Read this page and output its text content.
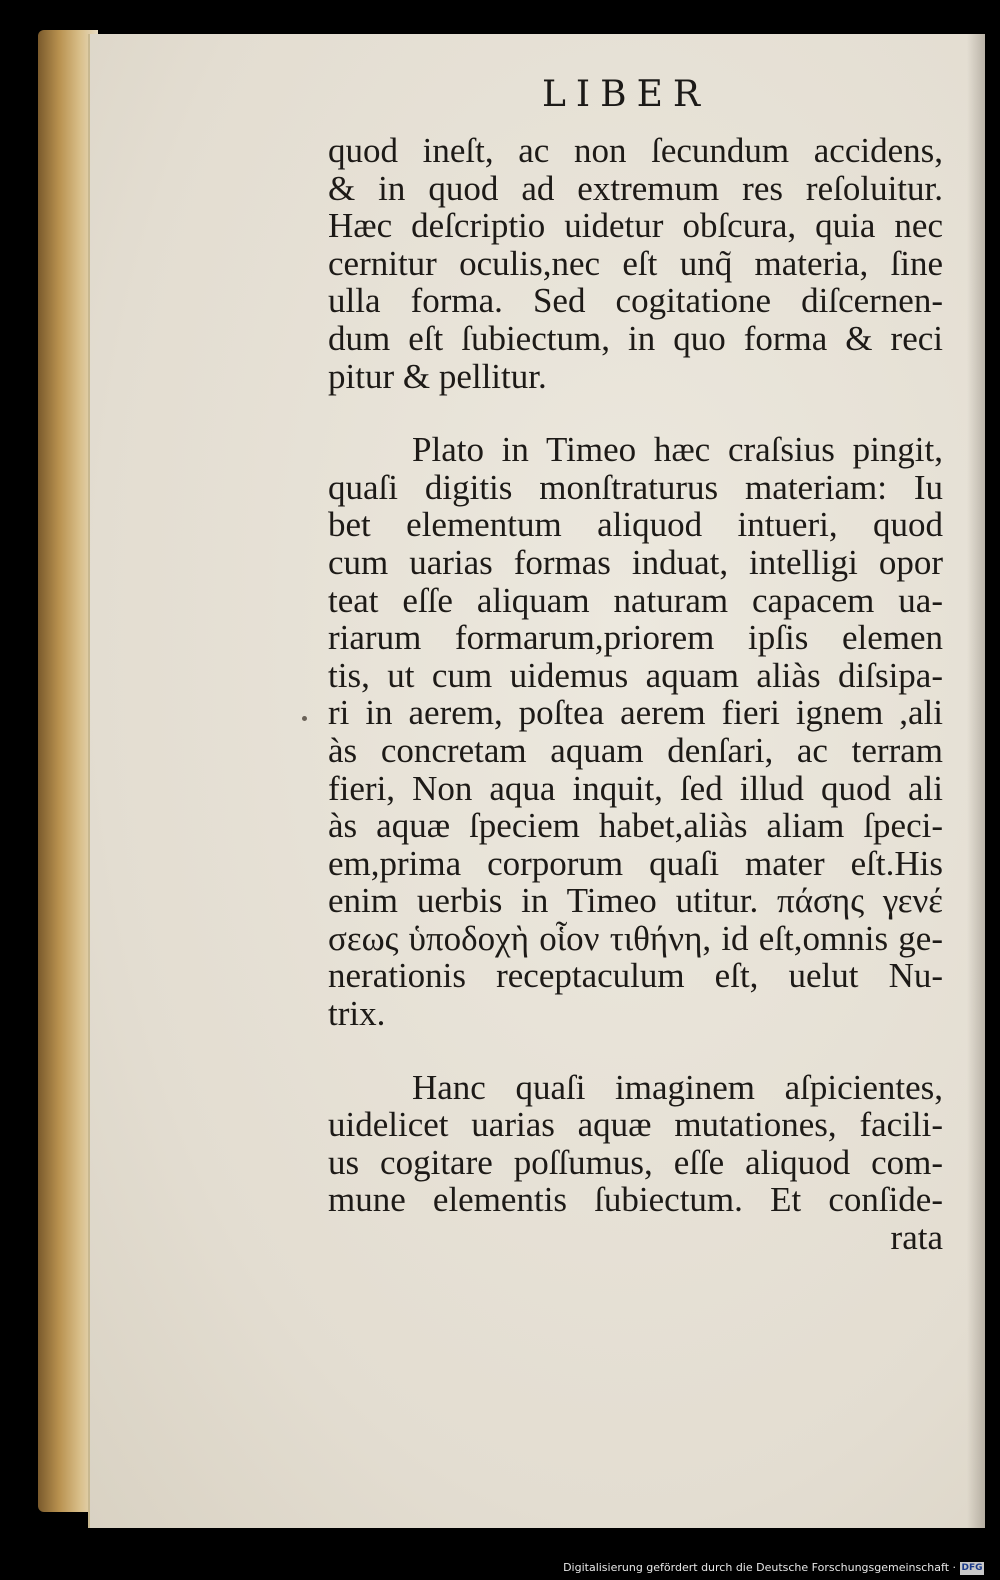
LIBER
quod ineſt, ac non ſecundum accidens,
& in quod ad extremum res reſoluitur.
Hæc deſcriptio uidetur obſcura, quia nec
cernitur oculis,nec eſt unq̃ materia, ſine
ulla forma. Sed cogitatione diſcernen-
dum eſt ſubiectum, in quo forma & reci
pitur & pellitur.
Plato in Timeo hæc craſsius pingit,
quaſi digitis monſtraturus materiam: Iu
bet elementum aliquod intueri, quod
cum uarias formas induat, intelligi opor
teat eſſe aliquam naturam capacem ua-
riarum formarum,priorem ipſis elemen
tis, ut cum uidemus aquam aliàs diſsipa-
ri in aerem, poſtea aerem fieri ignem ,ali
às concretam aquam denſari, ac terram
fieri, Non aqua inquit, ſed illud quod ali
às aquæ ſpeciem habet,aliàs aliam ſpeci-
em,prima corporum quaſi mater eſt.His
enim uerbis in Timeo utitur. πάσης γενέ
σεως ὑποδοχὴ οἷον τιθήνη, id eſt,omnis ge-
nerationis receptaculum eſt, uelut Nu-
trix.
Hanc quaſi imaginem aſpicientes,
uidelicet uarias aquæ mutationes, facili-
us cogitare poſſumus, eſſe aliquod com-
mune elementis ſubiectum. Et conſide-
rata
Digitalisierung gefördert durch die Deutsche Forschungsgemeinschaft · DFG
